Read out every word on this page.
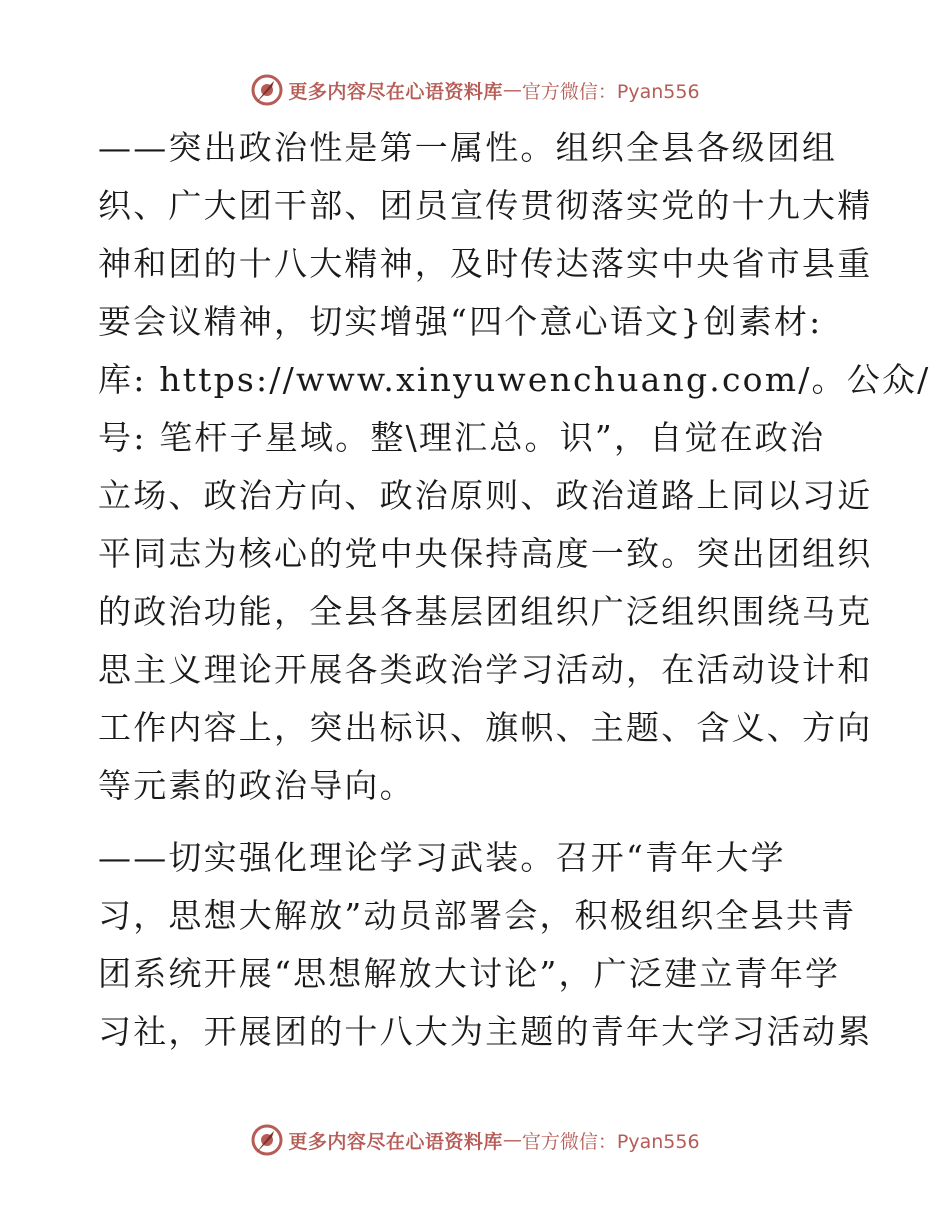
更多内容尽在心语资料库 — 官方微信：Pyan556

——突出政治性是第一属性。组织全县各级团组
织、广大团干部、团员宣传贯彻落实党的十九大精
神和团的十八大精神，及时传达落实中央省市县重
要会议精神，切实增强“四个意心语文}创素材:
库: https://www.xinyuwenchuang.com/。公众/
号: 笔杆子星域。整\理汇总。识”，自觉在政治
立场、政治方向、政治原则、政治道路上同以习近
平同志为核心的党中央保持高度一致。突出团组织
的政治功能，全县各基层团组织广泛组织围绕马克
思主义理论开展各类政治学习活动，在活动设计和
工作内容上，突出标识、旗帜、主题、含义、方向
等元素的政治导向。

——切实强化理论学习武装。召开“青年大学
习，思想大解放”动员部署会，积极组织全县共青
团系统开展“思想解放大讨论”，广泛建立青年学
习社，开展团的十八大为主题的青年大学习活动累

更多内容尽在心语资料库 — 官方微信：Pyan556
